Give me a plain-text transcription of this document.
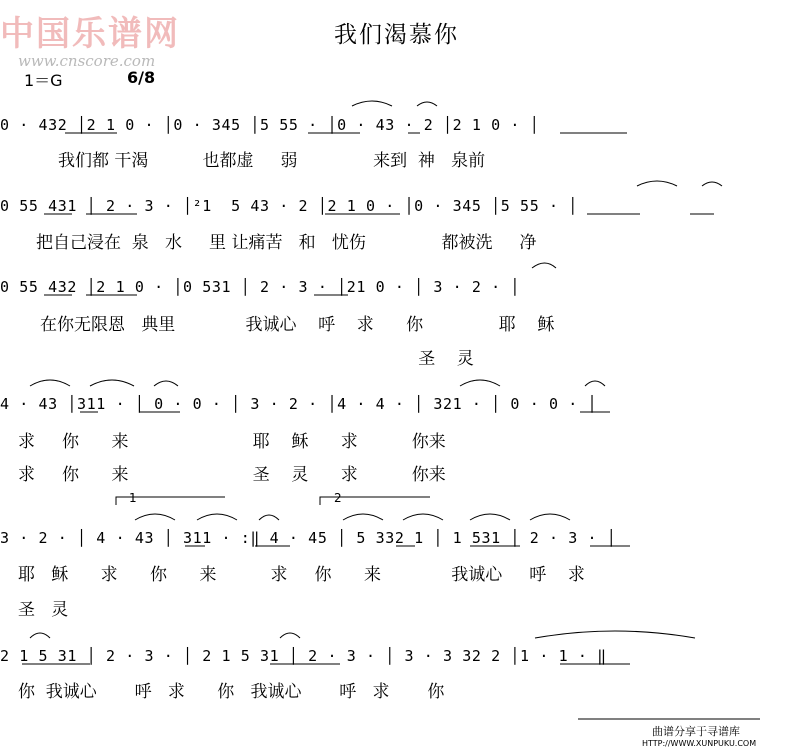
中国乐谱网
www.cnscore.com
我们渴慕你
1＝G	6/8
0 · 432 │2 1 0 · │0 · 345 │5 55 · │0 · 43 · 2 │2 1 0 · │
我们都 干渴          也都虚     弱              来到  神   泉前
0 55 431 │ 2 · 3 · │²1  5 43 · 2 │2 1 0 · │0 · 345 │5 55 · │
把自己浸在  泉   水     里 让痛苦   和   忧伤              都被洗     净
0 55 432 │2 1 0 · │0 531 │ 2 · 3 · │21 0 · │ 3 · 2 · │
在你无限恩   典里             我诚心    呼    求      你              耶    稣
圣    灵
4 · 43 │311 · │ 0 · 0 · │ 3 · 2 · │4 · 4 · │ 321 · │ 0 · 0 · │
求     你      来                       耶    稣      求          你来
求     你      来                       圣    灵      求          你来
1	2
3 · 2 · │ 4 · 43 │ 311 · :‖ 4 · 45 │ 5 332 1 │ 1 531 │ 2 · 3 · │
耶   稣      求      你      来          求     你      来             我诚心     呼    求
圣   灵
2 1 5 31 │ 2 · 3 · │ 2 1 5 31 │ 2 · 3 · │ 3 · 3 32 2 │1 · 1 · ‖
你  我诚心       呼   求      你   我诚心       呼   求       你
曲谱分享于寻谱库
HTTP://WWW.XUNPUKU.COM
